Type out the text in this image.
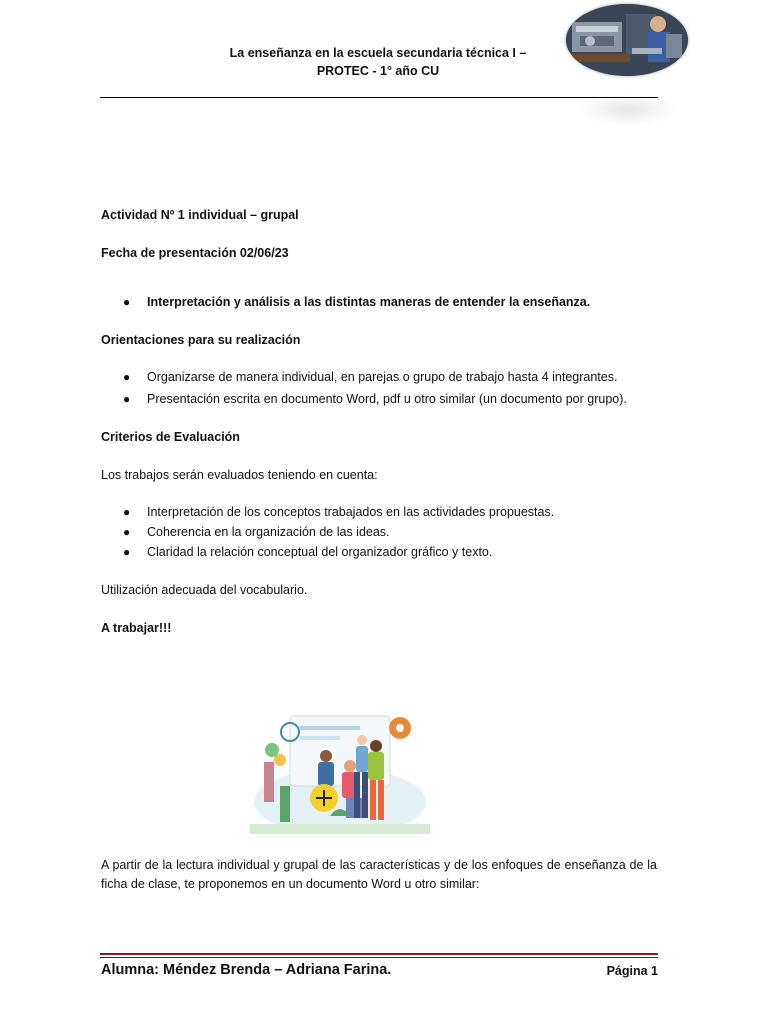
La enseñanza en la escuela secundaria técnica I –
PROTEC - 1° año CU

Actividad Nº 1 individual – grupal

Fecha de presentación 02/06/23

● Interpretación y análisis a las distintas maneras de entender la enseñanza.

Orientaciones para su realización

● Organizarse de manera individual, en parejas o grupo de trabajo hasta 4 integrantes.
● Presentación escrita en documento Word, pdf u otro similar (un documento por grupo).

Criterios de Evaluación

Los trabajos serán evaluados teniendo en cuenta:

● Interpretación de los conceptos trabajados en las actividades propuestas.
● Coherencia en la organización de las ideas.
● Claridad la relación conceptual del organizador gráfico y texto.

Utilización adecuada del vocabulario.

A trabajar!!!

A partir de la lectura individual y grupal de las características y de los enfoques de enseñanza de la ficha de clase, te proponemos en un documento Word u otro similar:
Alumna: Méndez Brenda – Adriana Farina.	Página 1
